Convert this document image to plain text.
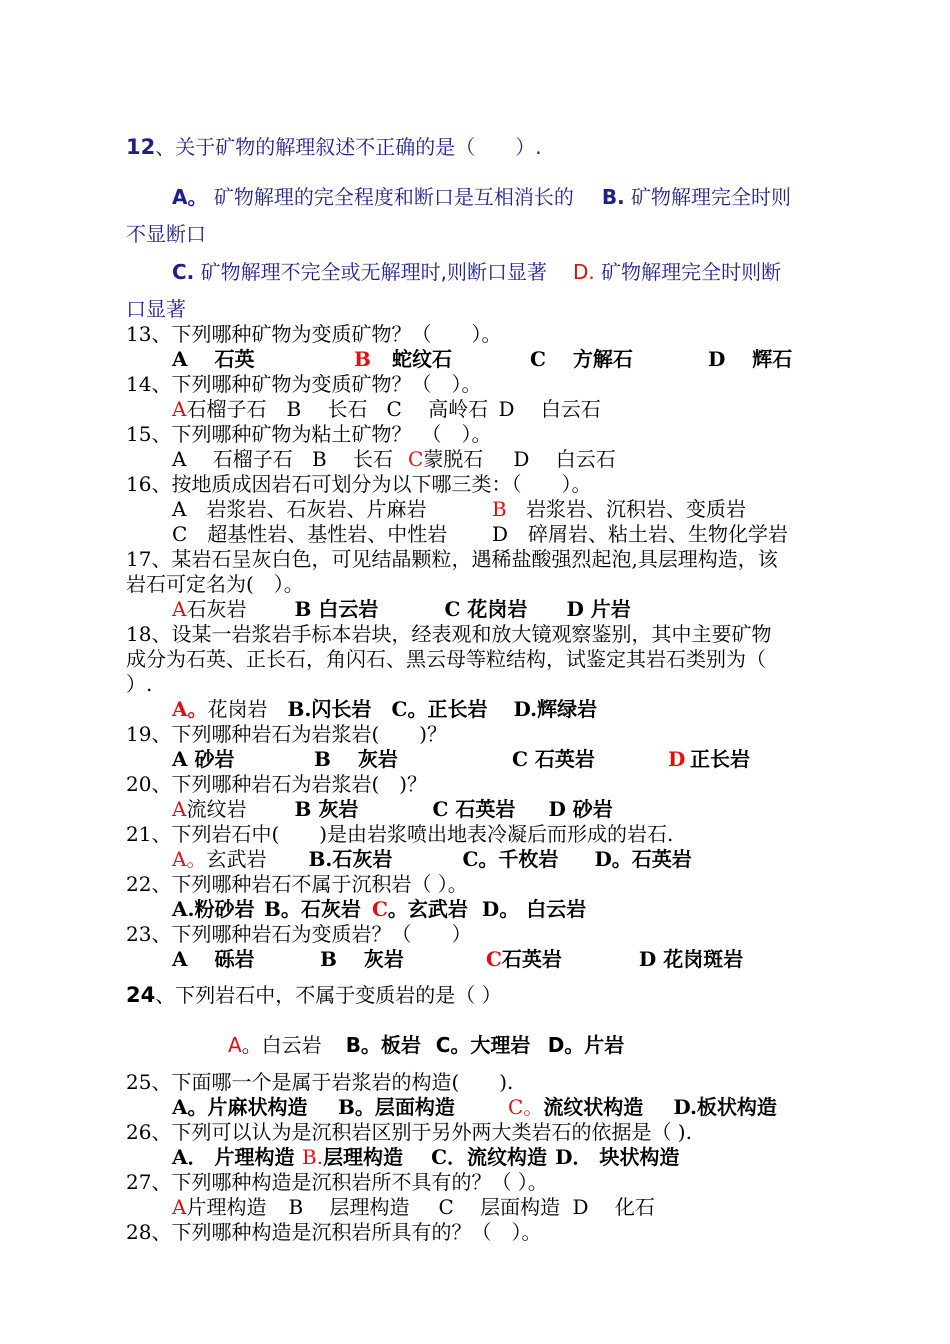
12、关于矿物的解理叙述不正确的是（　　）.
A。 矿物解理的完全程度和断口是互相消长的 B. 矿物解理完全时则
不显断口
C. 矿物解理不完全或无解理时,则断口显著 D. 矿物解理完全时则断
口显著
13、下列哪种矿物为变质矿物？（　　）。
A　 石英	B 蛇纹石	C　 方解石	D　 辉石
14、下列哪种矿物为变质矿物？（　）。
A石榴子石 B　 长石 C　 高岭石 D　 白云石
15、下列哪种矿物为粘土矿物？　（　）。
A　 石榴子石 B　 长石 C蒙脱石 D　 白云石
16、按地质成因岩石可划分为以下哪三类：（　　）。
A　岩浆岩、石灰岩、片麻岩	B 岩浆岩、沉积岩、变质岩
C　超基性岩、基性岩、中性岩 D　碎屑岩、粘土岩、生物化学岩
17、某岩石呈灰白色，可见结晶颗粒，遇稀盐酸强烈起泡,具层理构造，该
岩石可定名为(　）。
A石灰岩 B 白云岩	C 花岗岩 D 片岩
18、设某一岩浆岩手标本岩块，经表观和放大镜观察鉴别，其中主要矿物
成分为石英、正长石，角闪石、黑云母等粒结构，试鉴定其岩石类别为（
）.
A。花岗岩 B.闪长岩 C。正长岩 D.辉绿岩
19、下列哪种岩石为岩浆岩(　　)？
A 砂岩	B　 灰岩	C 石英岩	D 正长岩
20、下列哪种岩石为岩浆岩(　)？
A流纹岩 B 灰岩	C 石英岩 D 砂岩
21、下列岩石中(　　)是由岩浆喷出地表冷凝后而形成的岩石.
A。玄武岩 B.石灰岩	C。千枚岩 D。石英岩
22、下列哪种岩石不属于沉积岩（ ）。
A.粉砂岩 B。石灰岩 C。玄武岩 D。 白云岩
23、下列哪种岩石为变质岩？（　　）
A　 砾岩	B　 灰岩	C石英岩	D 花岗斑岩
24、下列岩石中，不属于变质岩的是（ ）
A。白云岩 B。板岩 C。大理岩 D。片岩
25、下面哪一个是属于岩浆岩的构造(　　).
A。片麻状构造 B。层面构造	C。流纹状构造 D.板状构造
26、下列可以认为是沉积岩区别于另外两大类岩石的依据是（ ).
A． 片理构造 B.层理构造 C．流纹构造 D． 块状构造
27、下列哪种构造是沉积岩所不具有的？（ ）。
A片理构造 B　 层理构造 C　 层面构造 D　 化石
28、下列哪种构造是沉积岩所具有的？（　）。
